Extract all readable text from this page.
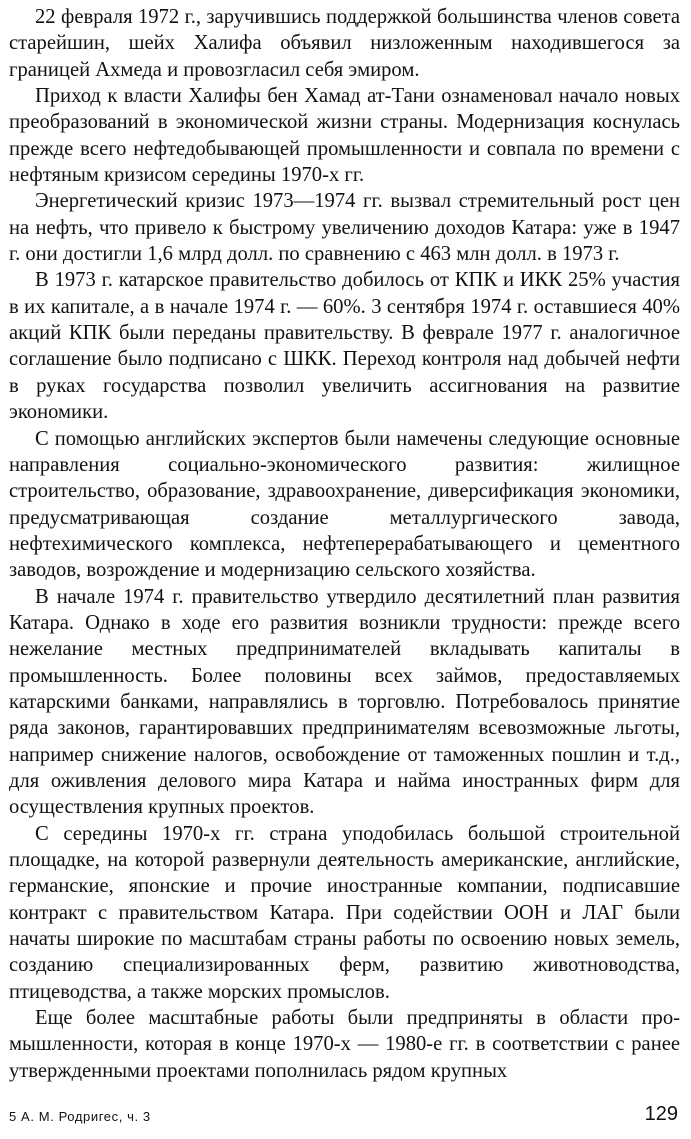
22 февраля 1972 г., заручившись поддержкой большинства членов совета старейшин, шейх Халифа объявил низложенным находившегося за границей Ахмеда и провозгласил себя эмиром.

Приход к власти Халифы бен Хамад ат-Тани ознаменовал начало новых преобразований в экономической жизни страны. Модернизация коснулась прежде всего нефтедобывающей промышленности и совпала по времени с нефтяным кризисом середины 1970-х гг.

Энергетический кризис 1973—1974 гг. вызвал стремительный рост цен на нефть, что привело к быстрому увеличению доходов Катара: уже в 1947 г. они достигли 1,6 млрд долл. по сравнению с 463 млн долл. в 1973 г.

В 1973 г. катарское правительство добилось от КПК и ИКК 25% участия в их капитале, а в начале 1974 г. — 60%. 3 сентября 1974 г. оставшиеся 40% акций КПК были переданы правительству. В феврале 1977 г. аналогичное соглашение было подписано с ШКК. Переход контроля над добычей нефти в руках государства позволил увеличить ассигнования на развитие экономики.

С помощью английских экспертов были намечены следующие основные направления социально-экономического развития: жилищное строительство, образование, здравоохранение, диверсификация экономики, предусматривающая создание металлургического завода, нефтехимического комплекса, нефтеперерабатывающего и цементного заводов, возрождение и модернизацию сельского хозяйства.

В начале 1974 г. правительство утвердило десятилетний план развития Катара. Однако в ходе его развития возникли трудности: прежде всего нежелание местных предпринимателей вкладывать капиталы в промышленность. Более половины всех займов, предоставляемых катарскими банками, направлялись в торговлю. Потребовалось принятие ряда законов, гарантировавших предпринимателям всевозможные льготы, например снижение налогов, освобождение от таможенных пошлин и т.д., для оживления делового мира Катара и найма иностранных фирм для осуществления крупных проектов.

С середины 1970-х гг. страна уподобилась большой строительной площадке, на которой развернули деятельность американские, английские, германские, японские и прочие иностранные компании, подписавшие контракт с правительством Катара. При содействии ООН и ЛАГ были начаты широкие по масштабам страны работы по освоению новых земель, созданию специализированных ферм, развитию животноводства, птицеводства, а также морских промыслов.

Еще более масштабные работы были предприняты в области промышленности, которая в конце 1970-х — 1980-е гг. в соответствии с ранее утвержденными проектами пополнилась рядом крупных

5 А. М. Родригес, ч. 3	129
